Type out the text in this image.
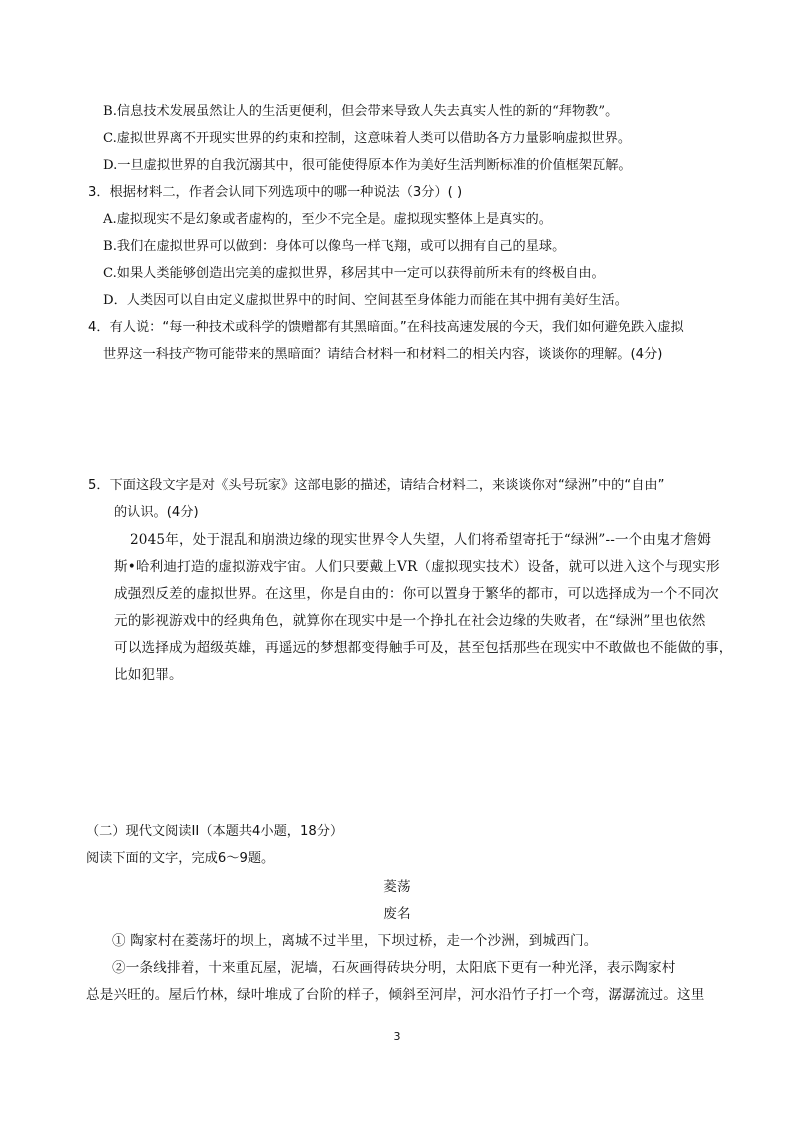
B.信息技术发展虽然让人的生活更便利，但会带来导致人失去真实人性的新的“拜物教”。
C.虚拟世界离不开现实世界的约束和控制，这意味着人类可以借助各方力量影响虚拟世界。
D.一旦虚拟世界的自我沉溺其中，很可能使得原本作为美好生活判断标准的价值框架瓦解。
3．根据材料二，作者会认同下列选项中的哪一种说法（3分）( )
A.虚拟现实不是幻象或者虚构的，至少不完全是。虚拟现实整体上是真实的。
B.我们在虚拟世界可以做到：身体可以像鸟一样飞翔，或可以拥有自己的星球。
C.如果人类能够创造出完美的虚拟世界，移居其中一定可以获得前所未有的终极自由。
D．人类因可以自由定义虚拟世界中的时间、空间甚至身体能力而能在其中拥有美好生活。
4．有人说：“每一种技术或科学的馈赠都有其黑暗面。”在科技高速发展的今天，我们如何避免跌入虚拟
世界这一科技产物可能带来的黑暗面？请结合材料一和材料二的相关内容，谈谈你的理解。(4分)
5．下面这段文字是对《头号玩家》这部电影的描述，请结合材料二，来谈谈你对“绿洲”中的“自由”
的认识。(4分)
2045年，处于混乱和崩溃边缘的现实世界令人失望，人们将希望寄托于“绿洲”--一个由鬼才詹姆
斯•哈利迪打造的虚拟游戏宇宙。人们只要戴上VR（虚拟现实技术）设备，就可以进入这个与现实形
成强烈反差的虚拟世界。在这里，你是自由的：你可以置身于繁华的都市，可以选择成为一个不同次
元的影视游戏中的经典角色，就算你在现实中是一个挣扎在社会边缘的失败者，在“绿洲”里也依然
可以选择成为超级英雄，再遥远的梦想都变得触手可及，甚至包括那些在现实中不敢做也不能做的事，
比如犯罪。
（二）现代文阅读II（本题共4小题，18分）
阅读下面的文字，完成6～9题。
菱荡
废名
① 陶家村在菱荡圩的坝上，离城不过半里，下坝过桥，走一个沙洲，到城西门。
②一条线排着，十来重瓦屋，泥墙，石灰画得砖块分明，太阳底下更有一种光泽，表示陶家村
总是兴旺的。屋后竹林，绿叶堆成了台阶的样子，倾斜至河岸，河水沿竹子打一个弯，潺潺流过。这里
3
